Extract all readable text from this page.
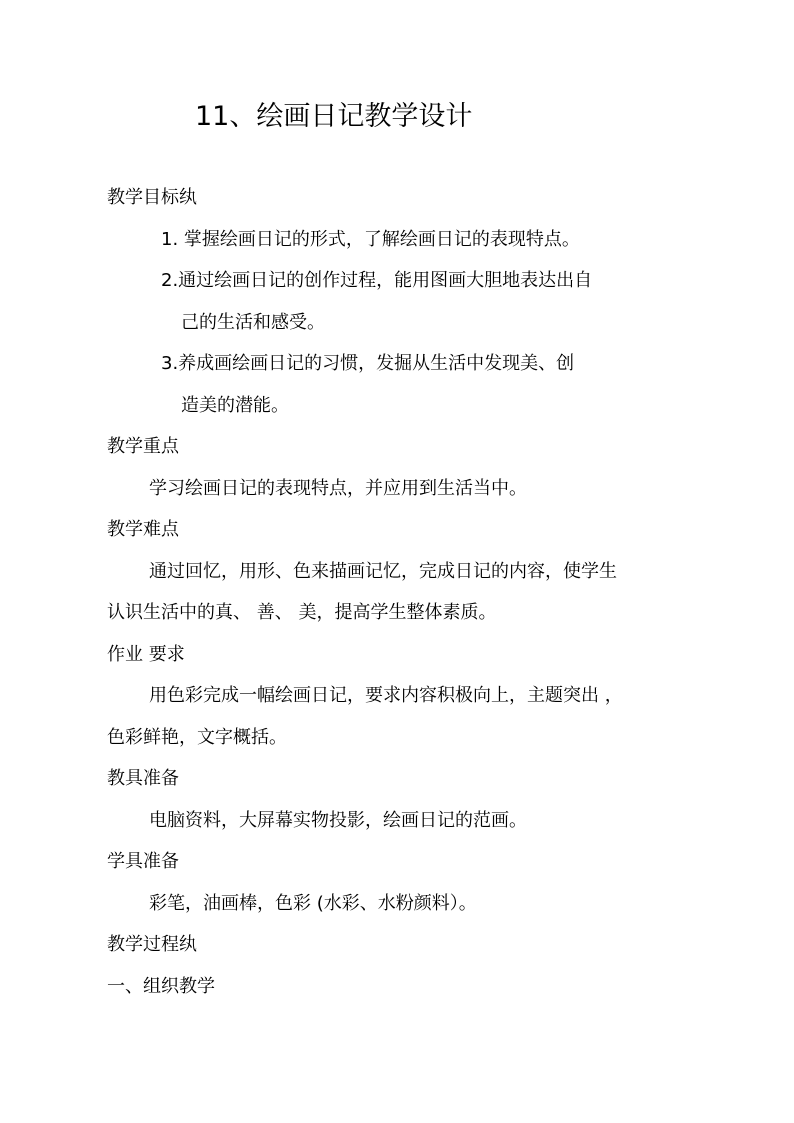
11、绘画日记教学设计
教学目标纨
1. 掌握绘画日记的形式，了解绘画日记的表现特点。
2.通过绘画日记的创作过程，能用图画大胆地表达出自
己的生活和感受。
3.养成画绘画日记的习惯，发掘从生活中发现美、创
造美的潜能。
教学重点
学习绘画日记的表现特点，并应用到生活当中。
教学难点
通过回忆，用形、色来描画记忆，完成日记的内容，使学生
认识生活中的真、 善、 美，提高学生整体素质。
作业 要求
用色彩完成一幅绘画日记，要求内容积极向上，主题突出 ，
色彩鲜艳，文字概括。
教具准备
电脑资料，大屏幕实物投影，绘画日记的范画。
学具准备
彩笔，油画棒，色彩 (水彩、水粉颜料）。
教学过程纨
一、组织教学
